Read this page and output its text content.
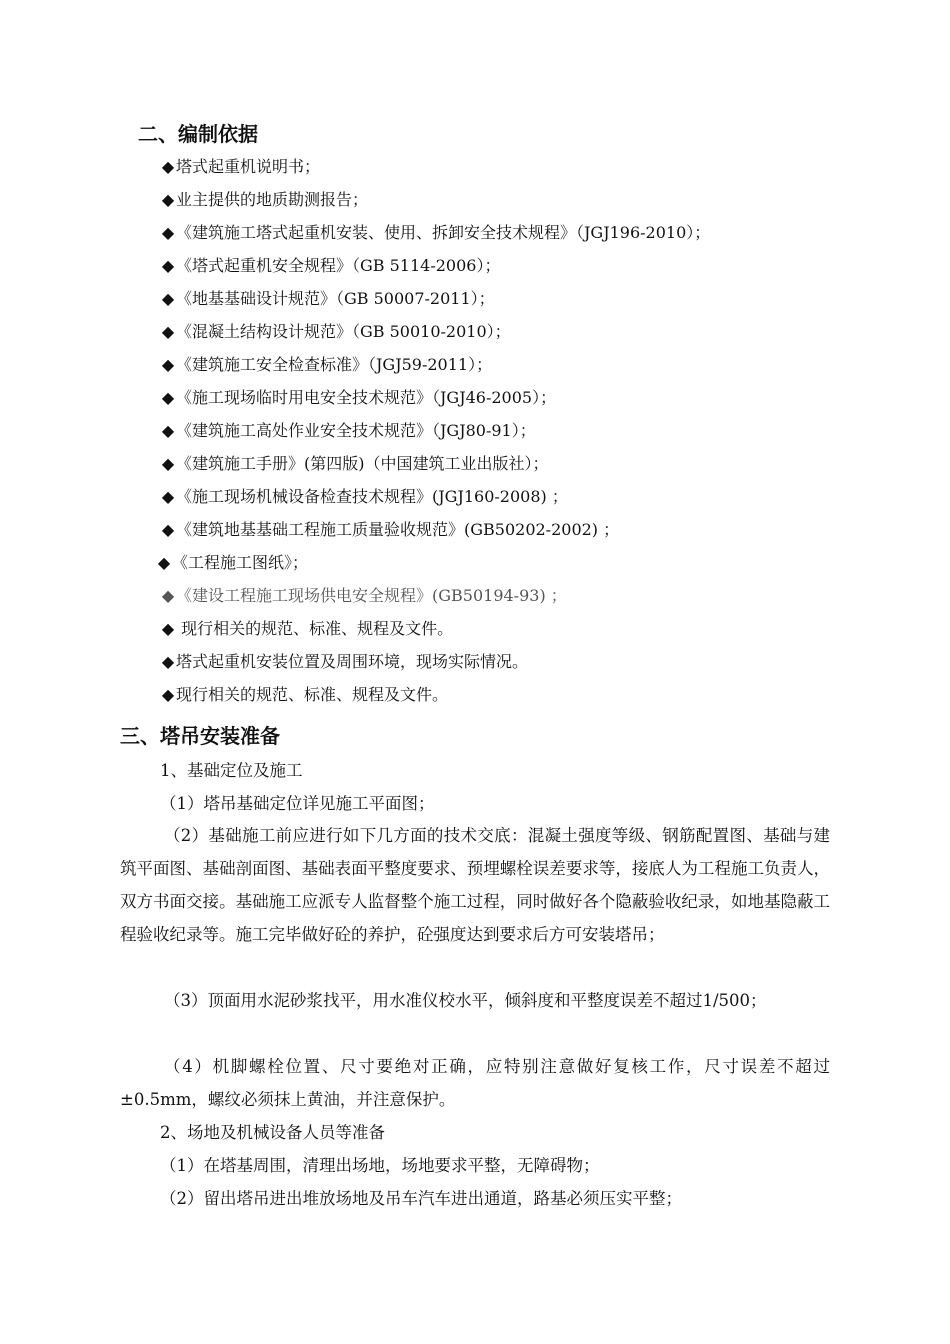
二、编制依据
◆ 塔式起重机说明书；
◆ 业主提供的地质勘测报告；
◆ 《建筑施工塔式起重机安装、使用、拆卸安全技术规程》（JGJ196-2010）；
◆ 《塔式起重机安全规程》（GB 5114-2006）；
◆ 《地基基础设计规范》（GB 50007-2011）；
◆ 《混凝土结构设计规范》（GB 50010-2010）；
◆ 《建筑施工安全检查标准》（JGJ59-2011）；
◆ 《施工现场临时用电安全技术规范》（JGJ46-2005）；
◆ 《建筑施工高处作业安全技术规范》（JGJ80-91）；
◆ 《建筑施工手册》(第四版)（中国建筑工业出版社）；
◆ 《施工现场机械设备检查技术规程》(JGJ160-2008) ；
◆ 《建筑地基基础工程施工质量验收规范》(GB50202-2002) ；
◆ 《工程施工图纸》；
◆ 《建设工程施工现场供电安全规程》(GB50194-93) ；
◆ 现行相关的规范、标准、规程及文件。
◆ 塔式起重机安装位置及周围环境，现场实际情况。
◆ 现行相关的规范、标准、规程及文件。
三、塔吊安装准备
1、基础定位及施工
（1）塔吊基础定位详见施工平面图；
（2）基础施工前应进行如下几方面的技术交底：混凝土强度等级、钢筋配置图、基础与建筑平面图、基础剖面图、基础表面平整度要求、预埋螺栓误差要求等，接底人为工程施工负责人，双方书面交接。基础施工应派专人监督整个施工过程，同时做好各个隐蔽验收纪录，如地基隐蔽工程验收纪录等。施工完毕做好砼的养护，砼强度达到要求后方可安装塔吊；
（3）顶面用水泥砂浆找平，用水准仪校水平，倾斜度和平整度误差不超过1/500；
（4）机脚螺栓位置、尺寸要绝对正确，应特别注意做好复核工作，尺寸误差不超过±0.5mm，螺纹必须抹上黄油，并注意保护。
2、场地及机械设备人员等准备
（1）在塔基周围，清理出场地，场地要求平整，无障碍物；
（2）留出塔吊进出堆放场地及吊车汽车进出通道，路基必须压实平整；
